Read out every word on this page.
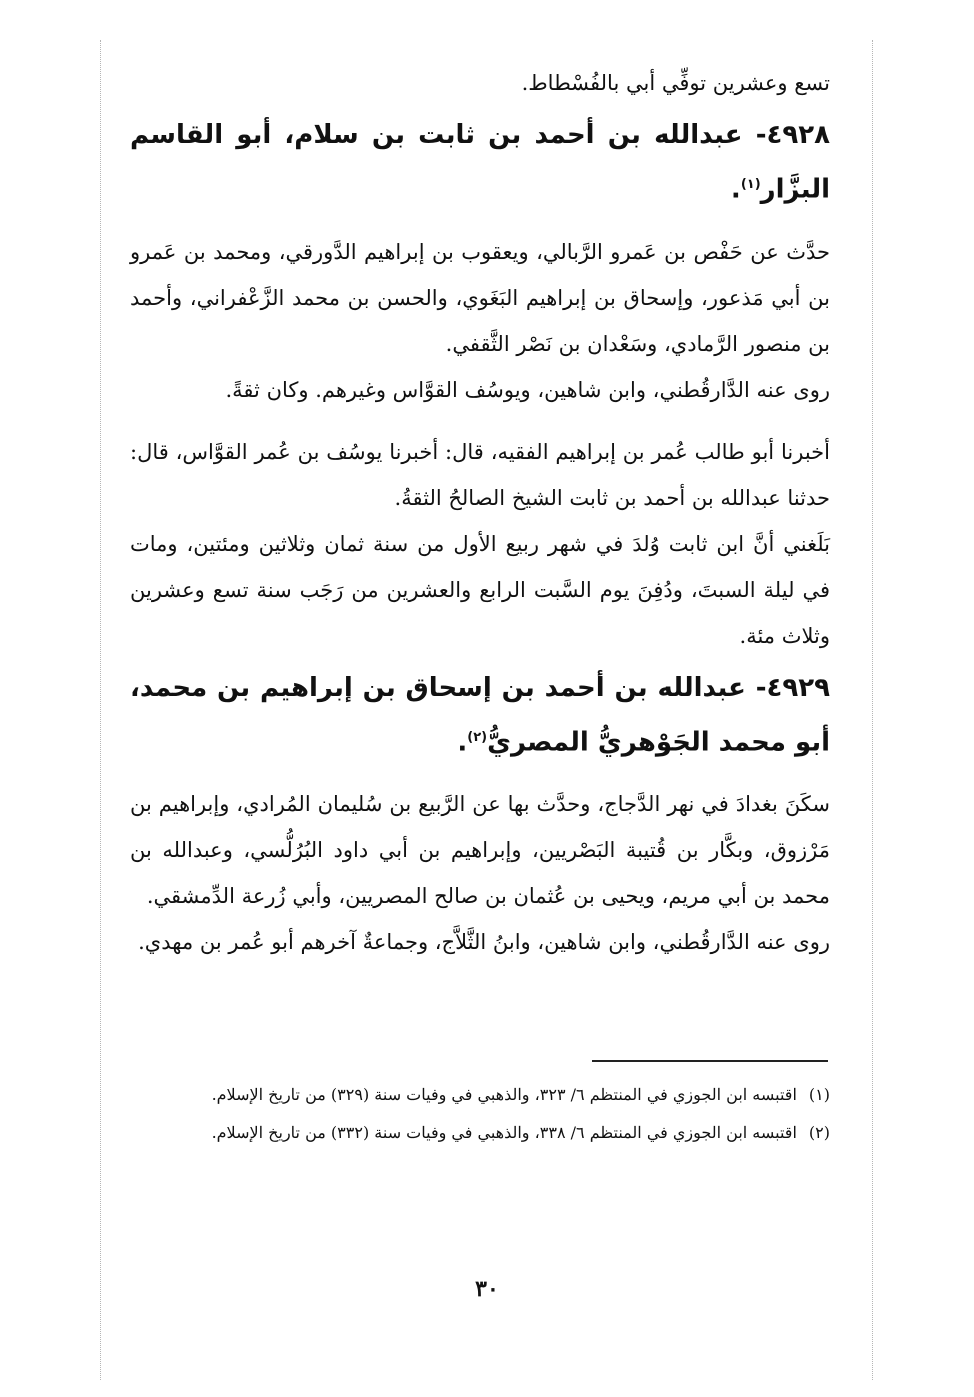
تسع وعشرين توفِّي أبي بالفُسْطاط.

٤٩٢٨- عبدالله بن أحمد بن ثابت بن سلام، أبو القاسم البزَّار$^{(١)}$.

حدَّث عن حَفْص بن عَمرو الرَّبالي، ويعقوب بن إبراهيم الدَّورقي، ومحمد بن عَمرو بن أبي مَذعور، وإسحاق بن إبراهيم البَغَوي، والحسن بن محمد الزَّعْفراني، وأحمد بن منصور الرَّمادي، وسَعْدان بن نَصْر الثَّقفي.

روى عنه الدَّارقُطني، وابن شاهين، ويوسُف القوَّاس وغيرهم. وكان ثقةً.

أخبرنا أبو طالب عُمر بن إبراهيم الفقيه، قال: أخبرنا يوسُف بن عُمر القوَّاس، قال: حدثنا عبدالله بن أحمد بن ثابت الشيخ الصالحُ الثقةُ.

بَلَغني أنَّ ابن ثابت وُلدَ في شهر ربيع الأول من سنة ثمان وثلاثين ومئتين، ومات في ليلة السبتَ، ودُفِنَ يوم السَّبت الرابع والعشرين من رَجَب سنة تسع وعشرين وثلاث مئة.

٤٩٢٩- عبدالله بن أحمد بن إسحاق بن إبراهيم بن محمد، أبو محمد الجَوْهريُّ المصريُّ$^{(٢)}$.

سكَنَ بغدادَ في نهر الدَّجاج، وحدَّث بها عن الرَّبيع بن سُليمان المُرادي، وإبراهيم بن مَرْزوق، وبكَّار بن قُتيبة البَصْريين، وإبراهيم بن أبي داود البُرُلُّسي، وعبدالله بن محمد بن أبي مريم، ويحيى بن عُثمان بن صالح المصريين، وأبي زُرعة الدِّمشقي.

روى عنه الدَّارقُطني، وابن شاهين، وابنُ الثَّلاَّج، وجماعةٌ آخرهم أبو عُمر بن مهدي.

(١)
اقتبسه ابن الجوزي في المنتظم ٦/ ٣٢٣، والذهبي في وفيات سنة (٣٢٩) من تاريخ الإسلام.
(٢)
اقتبسه ابن الجوزي في المنتظم ٦/ ٣٣٨، والذهبي في وفيات سنة (٣٣٢) من تاريخ الإسلام.
٣٠
